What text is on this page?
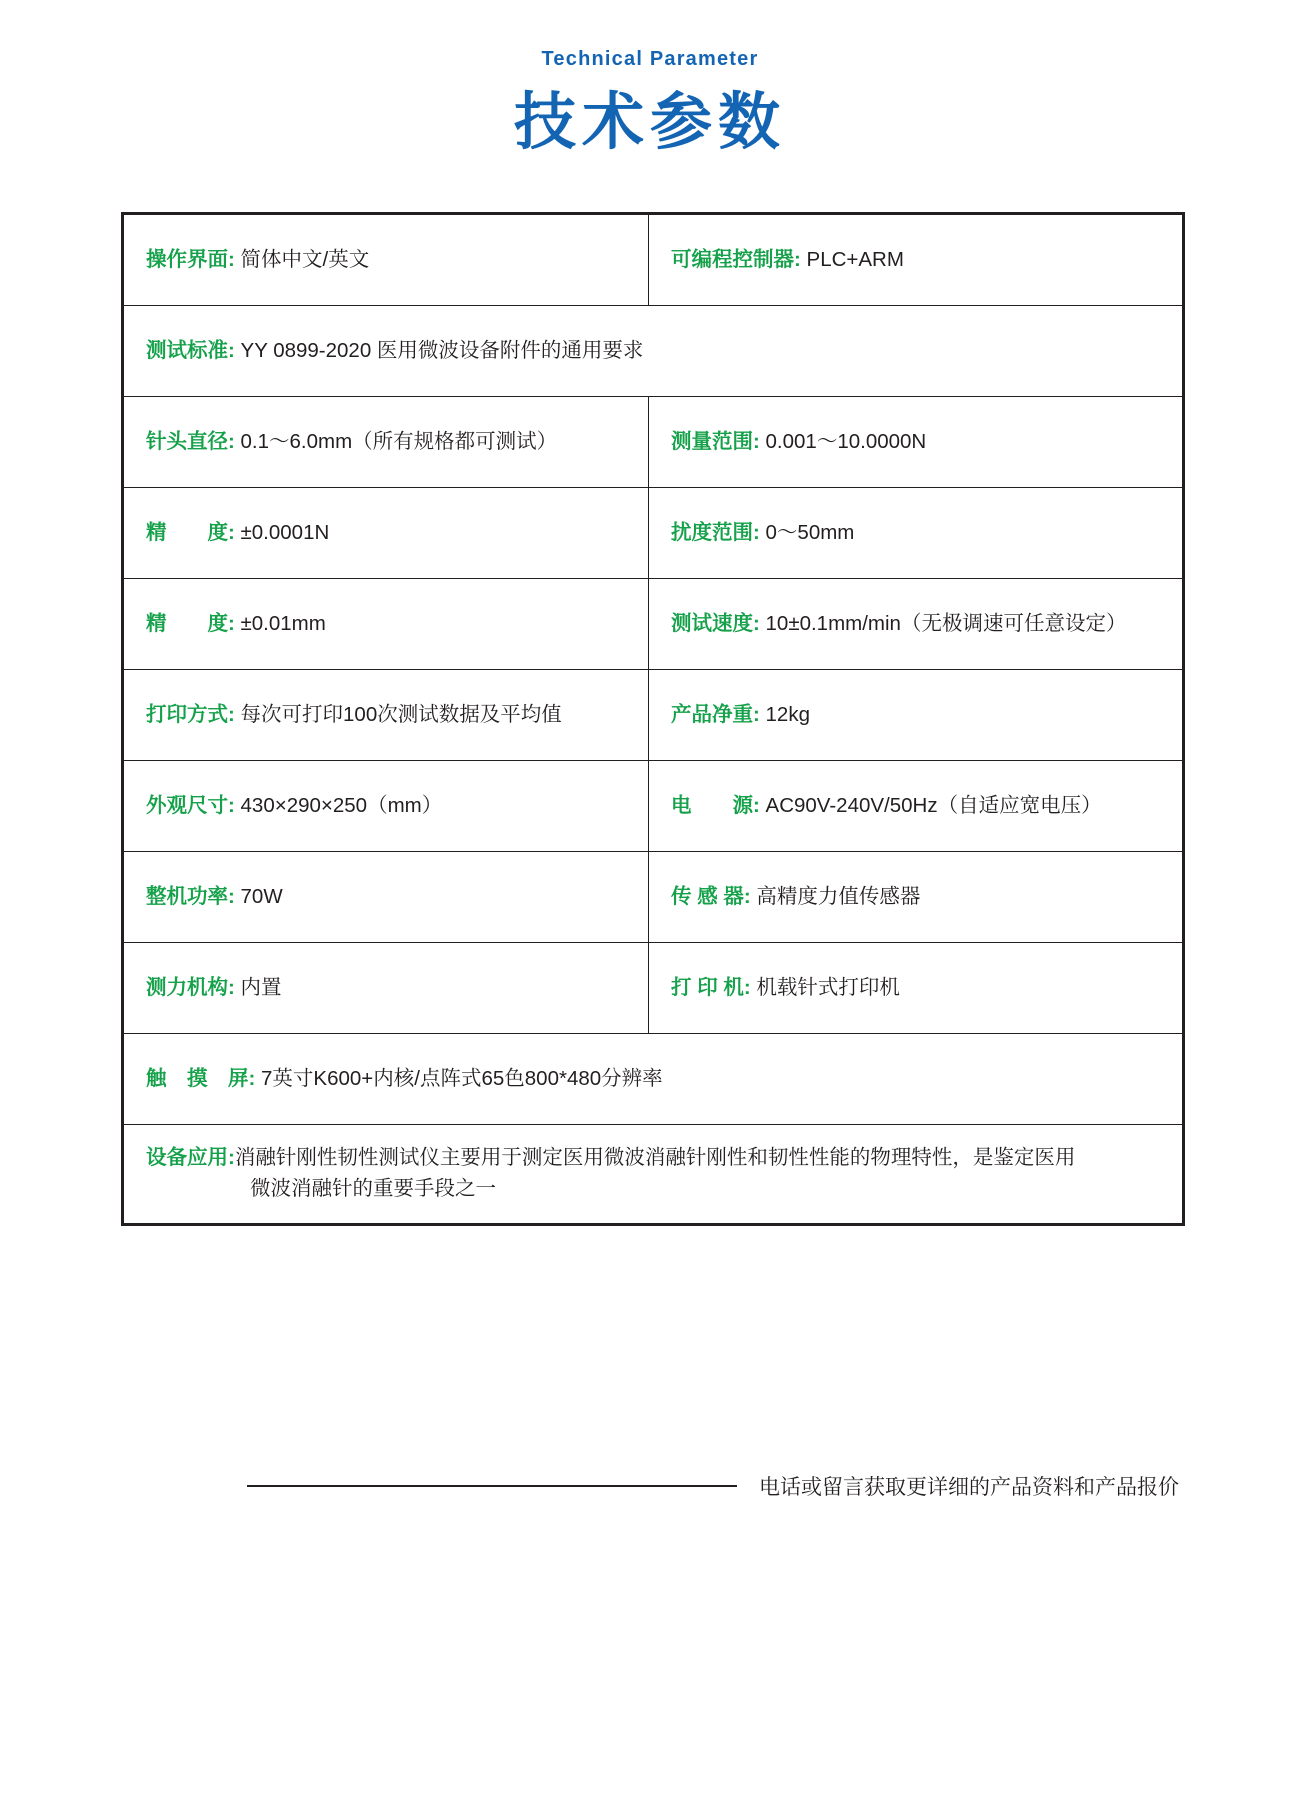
Technical Parameter
技术参数
操作界面: 简体中文/英文	可编程控制器: PLC+ARM

测试标准: YY 0899-2020 医用微波设备附件的通用要求	

针头直径: 0.1～6.0mm（所有规格都可测试）	测量范围: 0.001～10.0000N

精　　度: ±0.0001N	扰度范围: 0～50mm

精　　度: ±0.01mm	测试速度: 10±0.1mm/min（无极调速可任意设定）

打印方式: 每次可打印100次测试数据及平均值	产品净重: 12kg

外观尺寸: 430×290×250（mm）	电　　源: AC90V-240V/50Hz（自适应宽电压）

整机功率: 70W	传 感 器: 高精度力值传感器

测力机构: 内置	打 印 机: 机载针式打印机

触　摸　屏: 7英寸K600+内核/点阵式65色800*480分辨率	

设备应用:消融针刚性韧性测试仪主要用于测定医用微波消融针刚性和韧性性能的物理特性，是鉴定医用 微波消融针的重要手段之一	
电话或留言获取更详细的产品资料和产品报价
